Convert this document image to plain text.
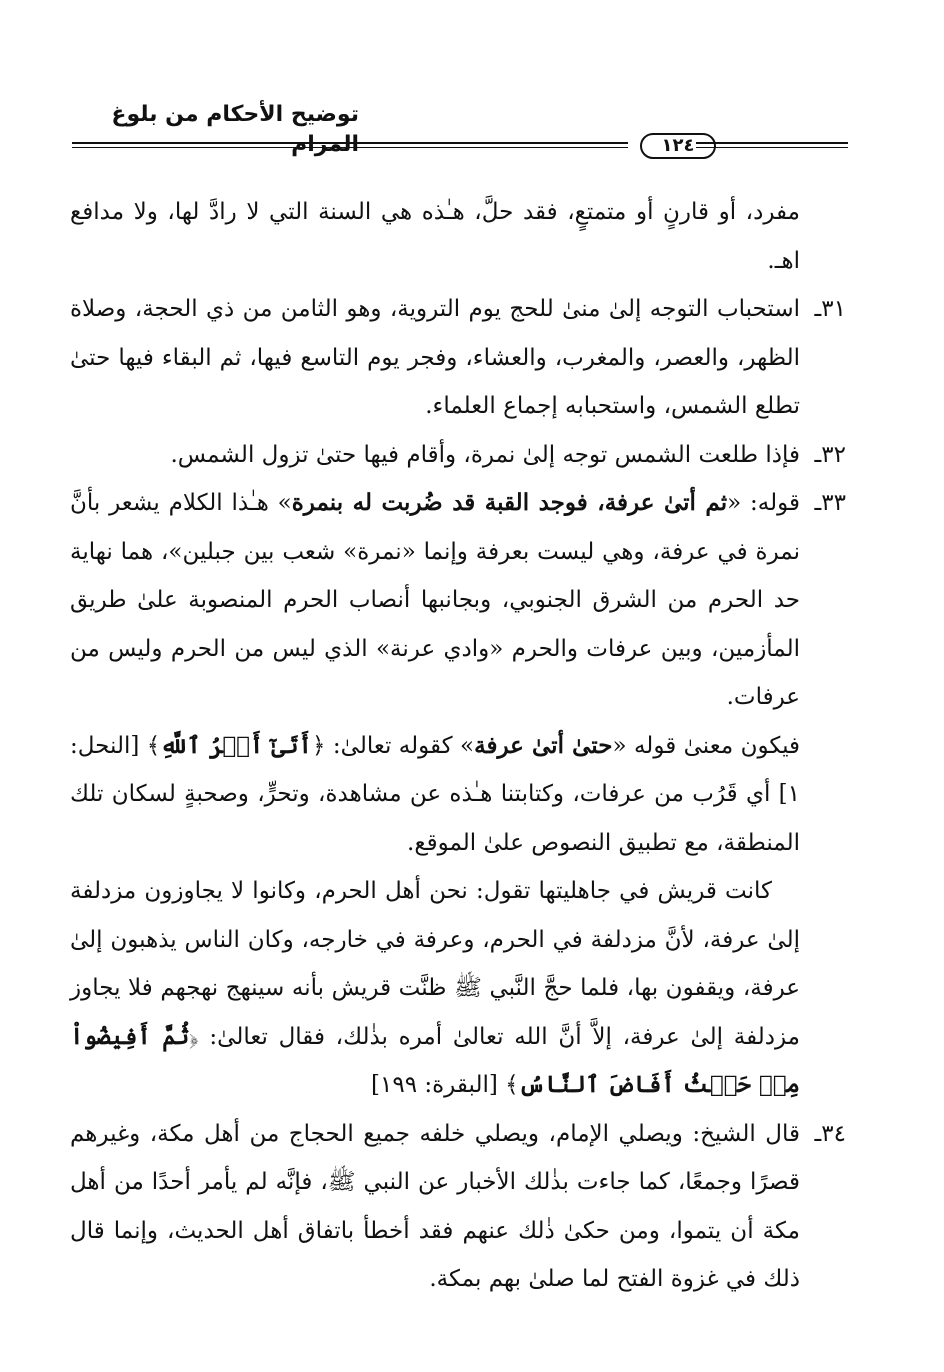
توضيح الأحكام من بلوغ المرام	١٢٤

مفرد، أو قارنٍ أو متمتعٍ، فقد حلَّ، هـٰذه هي السنة التي لا رادَّ لها، ولا مدافع اهـ.

٣١ـ
استحباب التوجه إلىٰ منىٰ للحج يوم التروية، وهو الثامن من ذي الحجة، وصلاة الظهر، والعصر، والمغرب، والعشاء، وفجر يوم التاسع فيها، ثم البقاء فيها حتىٰ تطلع الشمس، واستحبابه إجماع العلماء.

٣٢ـ
فإذا طلعت الشمس توجه إلىٰ نمرة، وأقام فيها حتىٰ تزول الشمس.

٣٣ـ
قوله: «ثم أتىٰ عرفة، فوجد القبة قد ضُربت له بنمرة» هـٰذا الكلام يشعر بأنَّ نمرة في عرفة، وهي ليست بعرفة وإنما «نمرة» شعب بين جبلين»، هما نهاية حد الحرم من الشرق الجنوبي، وبجانبها أنصاب الحرم المنصوبة علىٰ طريق المأزمين، وبين عرفات والحرم «وادي عرنة» الذي ليس من الحرم وليس من عرفات.

فيكون معنىٰ قوله «حتىٰ أتىٰ عرفة» كقوله تعالىٰ: ﴿أَتَىٰٓ أَمۡرُ ٱللَّهِ﴾ [النحل: ١] أي قَرُب من عرفات، وكتابتنا هـٰذه عن مشاهدة، وتحرٍّ، وصحبةٍ لسكان تلك المنطقة، مع تطبيق النصوص علىٰ الموقع.

كانت قريش في جاهليتها تقول: نحن أهل الحرم، وكانوا لا يجاوزون مزدلفة إلىٰ عرفة، لأنَّ مزدلفة في الحرم، وعرفة في خارجه، وكان الناس يذهبون إلىٰ عرفة، ويقفون بها، فلما حجَّ النَّبي ﷺ ظنَّت قريش بأنه سينهج نهجهم فلا يجاوز مزدلفة إلىٰ عرفة، إلاَّ أنَّ الله تعالىٰ أمره بذٰلك، فقال تعالىٰ: ﴿ثُمَّ أَفِيضُواْ مِنۡ حَيۡثُ أَفَاضَ ٱلنَّاسُ﴾ [البقرة: ١٩٩]

٣٤ـ
قال الشيخ: ويصلي الإمام، ويصلي خلفه جميع الحجاج من أهل مكة، وغيرهم قصرًا وجمعًا، كما جاءت بذٰلك الأخبار عن النبي ﷺ، فإنَّه لم يأمر أحدًا من أهل مكة أن يتموا، ومن حكىٰ ذٰلك عنهم فقد أخطأ باتفاق أهل الحديث، وإنما قال ذلك في غزوة الفتح لما صلىٰ بهم بمكة.
